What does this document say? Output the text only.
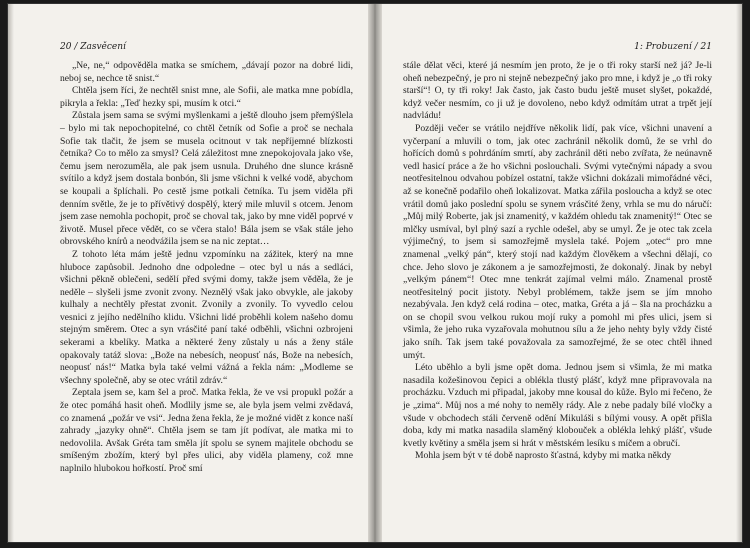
20 / Zasvěcení

„Ne, ne,“ odpověděla matka se smíchem, „dávají pozor na dobré lidi, neboj se, nechce tě snist.“

Chtěla jsem říci, že nechtěl snist mne, ale Sofii, ale matka mne pobídla, pikryla a řekla: „Teď hezky spi, musím k otci.“

Zůstala jsem sama se svými myšlenkami a ještě dlouho jsem přemýšlela – bylo mi tak nepochopitelné, co chtěl četník od Sofie a proč se nechala Sofie tak tlačit, že jsem se musela ocitnout v tak nepříjemné blízkosti četníka? Co to mělo za smysl? Celá záležitost mne znepokojovala jako vše, čemu jsem nerozuměla, ale pak jsem usnula. Druhého dne slunce krásně svítilo a když jsem dostala bonbón, šli jsme všichni k velké vodě, abychom se koupali a šplíchali. Po cestě jsme potkali četníka. Tu jsem viděla při denním světle, že je to přívětivý dospělý, který mile mluvil s otcem. Jenom jsem zase nemohla pochopit, proč se choval tak, jako by mne viděl poprvé v životě. Musel přece vědět, co se včera stalo! Bála jsem se však stále jeho obrovského knírů a neodvážila jsem se na nic zeptat…

Z tohoto léta mám ještě jednu vzpomínku na zážitek, který na mne hluboce zapůsobil. Jednoho dne odpoledne – otec byl u nás a sedláci, všichni pěkně oblečeni, sedělí před svými domy, takže jsem věděla, že je neděle – slyšeli jsme zvonit zvony. Neznělý však jako obvykle, ale jakoby kulhaly a nechtěly přestat zvonit. Zvonily a zvonily. To vyvedlo celou vesnici z jejího nedělního klidu. Všichni lidé proběhli kolem našeho domu stejným směrem. Otec a syn vrásčité paní také odběhli, všichni ozbrojeni sekerami a kbelíky. Matka a některé ženy zůstaly u nás a ženy stále opakovaly tatáž slova: „Bože na nebesích, neopusť nás, Bože na nebesích, neopusť nás!“ Matka byla také velmi vážná a řekla nám: „Modleme se všechny společně, aby se otec vrátil zdráv.“

Zeptala jsem se, kam šel a proč. Matka řekla, že ve vsi propukl požár a že otec pomáhá hasit oheň. Modlily jsme se, ale byla jsem velmi zvědavá, co znamená „požár ve vsi“. Jedna žena řekla, že je možné vidět z konce naší zahrady „jazyky ohně“. Chtěla jsem se tam jít podívat, ale matka mi to nedovolila. Avšak Gréta tam směla jít spolu se synem majitele obchodu se smíšeným zbožím, který byl přes ulici, aby viděla plameny, což mne naplnilo hlubokou hořkostí. Proč smí

1: Probuzení / 21

stále dělat věci, které já nesmím jen proto, že je o tři roky starší než já? Je-li oheň nebezpečný, je pro ni stejně nebezpečný jako pro mne, i když je „o tři roky starší“! O, ty tři roky! Jak často, jak často budu ještě muset slyšet, pokaždé, když večer nesmím, co ji už je dovoleno, nebo když odmítám utrat a trpět její nadvládu!

Později večer se vrátilo nejdříve několik lidí, pak více, všichni unavení a vyčerpaní a mluvili o tom, jak otec zachránil několik domů, že se vrhl do hořících domů s pohrdáním smrtí, aby zachránil děti nebo zvířata, že neúnavně vedl hasicí práce a že ho všichni poslouchali. Svými vytečnými nápady a svou neotřesitelnou odvahou pobízel ostatní, takže všichni dokázali mimořádné věci, až se konečně podařilo oheň lokalizovat. Matka zářila posloucha a když se otec vrátil domů jako poslední spolu se synem vrásčité ženy, vrhla se mu do náručí: „Můj milý Roberte, jak jsi znamenitý, v každém ohledu tak znamenitý!“ Otec se mlčky usmíval, byl plný sazí a rychle odešel, aby se umyl. Že je otec tak zcela výjimečný, to jsem si samozřejmě myslela také. Pojem „otec“ pro mne znamenal „velký pán“, který stojí nad každým člověkem a všechni dělají, co chce. Jeho slovo je zákonem a je samozřejmosti, že dokonalý. Jinak by nebyl „velkým pánem“! Otec mne tenkrát zajímal velmi málo. Znamenal prostě neotřesitelný pocit jistoty. Nebyl problémem, takže jsem se jím mnoho nezabývala. Jen když celá rodina – otec, matka, Gréta a já – šla na procházku a on se chopil svou velkou rukou mojí ruky a pomohl mi přes ulici, jsem si všimla, že jeho ruka vyzařovala mohutnou sílu a že jeho nehty byly vždy čisté jako sníh. Tak jsem také považovala za samozřejmé, že se otec chtěl ihned umýt.

Léto uběhlo a byli jsme opět doma. Jednou jsem si všimla, že mi matka nasadila kožešinovou čepici a oblékla tlustý plášť, když mne připravovala na procházku. Vzduch mi připadal, jakoby mne kousal do kůže. Bylo mi řečeno, že je „zima“. Můj nos a mé nohy to neměly rády. Ale z nebe padaly bílé vločky a všude v obchodech stáli červeně odění Mikuláši s bílými vousy. A opět přišla doba, kdy mi matka nasadila slaměný klobouček a oblékla lehký plášť, všude kvetly květiny a směla jsem si hrát v městském lesíku s míčem a obručí.

Mohla jsem být v té době naprosto šťastná, kdyby mi matka někdy
